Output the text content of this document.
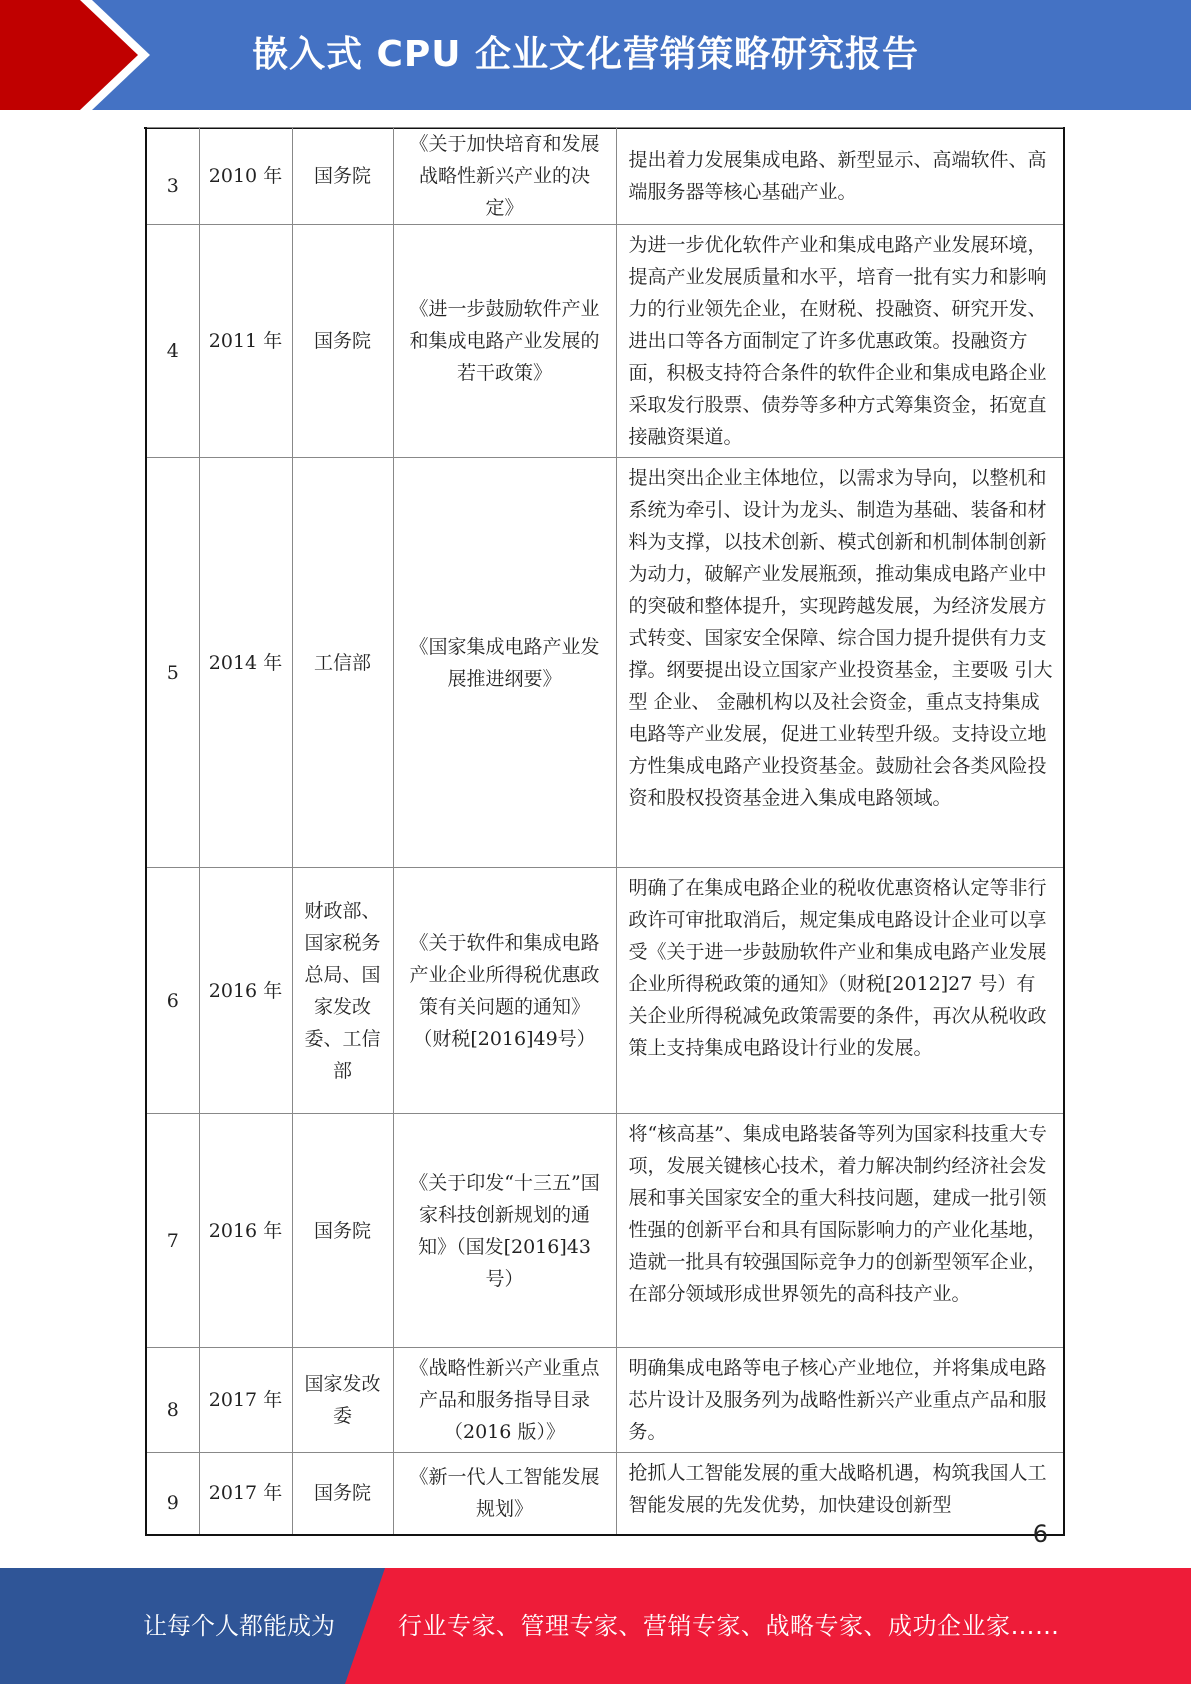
嵌入式 CPU 企业文化营销策略研究报告
3	2010 年	国务院	《关于加快培育和发展战略性新兴产业的决定》	提出着力发展集成电路、新型显示、高端软件、高端服务器等核心基础产业。
4	2011 年	国务院	《进一步鼓励软件产业和集成电路产业发展的若干政策》	为进一步优化软件产业和集成电路产业发展环境，提高产业发展质量和水平，培育一批有实力和影响力的行业领先企业，在财税、投融资、研究开发、进出口等各方面制定了许多优惠政策。投融资方面，积极支持符合条件的软件企业和集成电路企业采取发行股票、债券等多种方式筹集资金，拓宽直接融资渠道。
5	2014 年	工信部	《国家集成电路产业发展推进纲要》	提出突出企业主体地位，以需求为导向，以整机和系统为牵引、设计为龙头、制造为基础、装备和材料为支撑，以技术创新、模式创新和机制体制创新为动力，破解产业发展瓶颈，推动集成电路产业中的突破和整体提升，实现跨越发展，为经济发展方式转变、国家安全保障、综合国力提升提供有力支撑。纲要提出设立国家产业投资基金，主要吸 引大型 企业、 金融机构以及社会资金，重点支持集成电路等产业发展，促进工业转型升级。支持设立地方性集成电路产业投资基金。鼓励社会各类风险投资和股权投资基金进入集成电路领域。
6	2016 年	财政部、国家税务总局、国家发改委、工信部	《关于软件和集成电路产业企业所得税优惠政策有关问题的通知》（财税[2016]49号）	明确了在集成电路企业的税收优惠资格认定等非行政许可审批取消后，规定集成电路设计企业可以享受《关于进一步鼓励软件产业和集成电路产业发展企业所得税政策的通知》（财税[2012]27 号）有关企业所得税减免政策需要的条件，再次从税收政策上支持集成电路设计行业的发展。
7	2016 年	国务院	《关于印发“十三五”国家科技创新规划的通知》（国发[2016]43号）	将“核高基”、集成电路装备等列为国家科技重大专项，发展关键核心技术，着力解决制约经济社会发展和事关国家安全的重大科技问题，建成一批引领性强的创新平台和具有国际影响力的产业化基地，造就一批具有较强国际竞争力的创新型领军企业，在部分领域形成世界领先的高科技产业。
8	2017 年	国家发改委	《战略性新兴产业重点产品和服务指导目录（2016 版）》	明确集成电路等电子核心产业地位，并将集成电路芯片设计及服务列为战略性新兴产业重点产品和服务。
9	2017 年	国务院	《新一代人工智能发展规划》	抢抓人工智能发展的重大战略机遇，构筑我国人工智能发展的先发优势，加快建设创新型
6
让每个人都能成为	行业专家、管理专家、营销专家、战略专家、成功企业家……
